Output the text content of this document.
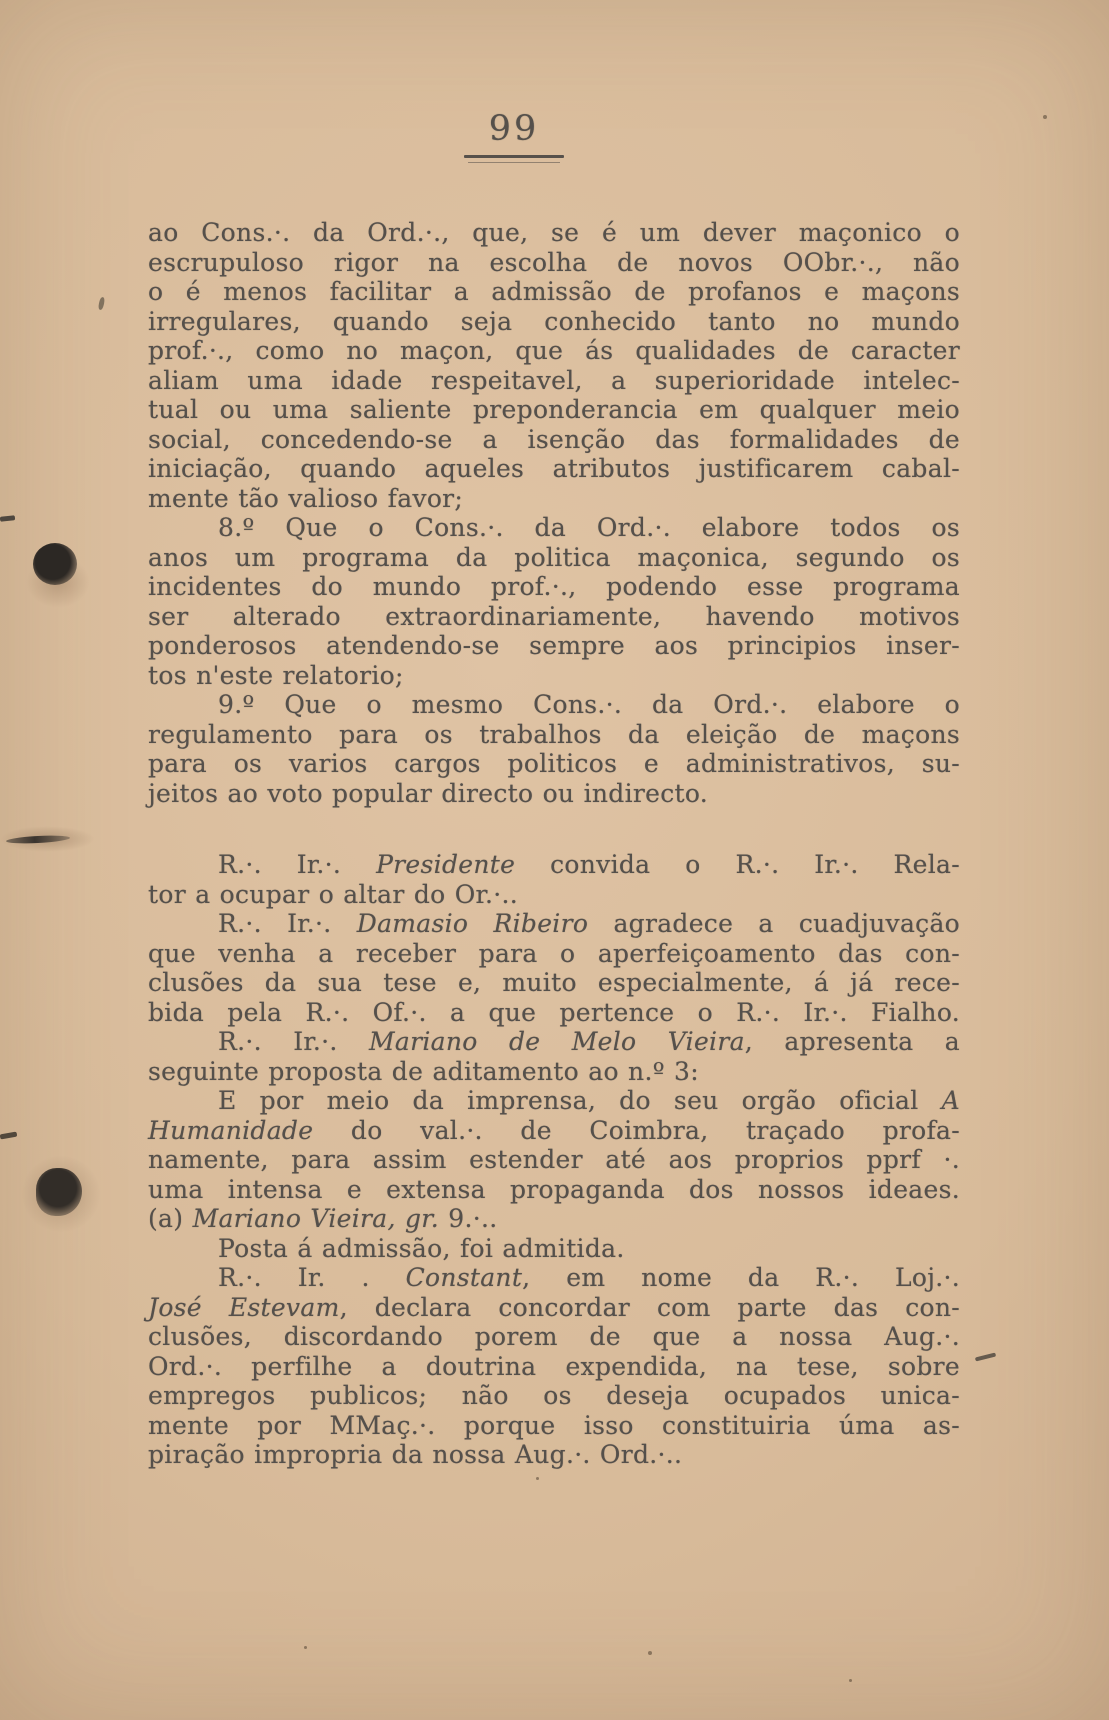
99
ao Cons.·. da Ord.·., que, se é um dever maçonico o
escrupuloso rigor na escolha de novos OObr.·., não
o é menos facilitar a admissão de profanos e maçons
irregulares, quando seja conhecido tanto no mundo
prof.·., como no maçon, que ás qualidades de caracter
aliam uma idade respeitavel, a superioridade intelec-
tual ou uma saliente preponderancia em qualquer meio
social, concedendo-se a isenção das formalidades de
iniciação, quando aqueles atributos justificarem cabal-
mente tão valioso favor;
8.º Que o Cons.·. da Ord.·. elabore todos os
anos um programa da politica maçonica, segundo os
incidentes do mundo prof.·., podendo esse programa
ser alterado extraordinariamente, havendo motivos
ponderosos atendendo-se sempre aos principios inser-
tos n'este relatorio;
9.º Que o mesmo Cons.·. da Ord.·. elabore o
regulamento para os trabalhos da eleição de maçons
para os varios cargos politicos e administrativos, su-
jeitos ao voto popular directo ou indirecto.
R.·. Ir.·. Presidente convida o R.·. Ir.·. Rela-
tor a ocupar o altar do Or.·..
R.·. Ir.·. Damasio Ribeiro agradece a cuadjuvação
que venha a receber para o aperfeiçoamento das con-
clusões da sua tese e, muito especialmente, á já rece-
bida pela R.·. Of.·. a que pertence o R.·. Ir.·. Fialho.
R.·. Ir.·. Mariano de Melo Vieira, apresenta a
seguinte proposta de aditamento ao n.º 3:
E por meio da imprensa, do seu orgão oficial A
Humanidade do val.·. de Coimbra, traçado profa-
namente, para assim estender até aos proprios pprf ·.
uma intensa e extensa propaganda dos nossos ideaes.
(a) Mariano Vieira, gr. 9.·..
Posta á admissão, foi admitida.
R.·. Ir. . Constant, em nome da R.·. Loj.·.
José Estevam, declara concordar com parte das con-
clusões, discordando porem de que a nossa Aug.·.
Ord.·. perfilhe a doutrina expendida, na tese, sobre
empregos publicos; não os deseja ocupados unica-
mente por MMaç.·. porque isso constituiria úma as-
piração impropria da nossa Aug.·. Ord.·..
